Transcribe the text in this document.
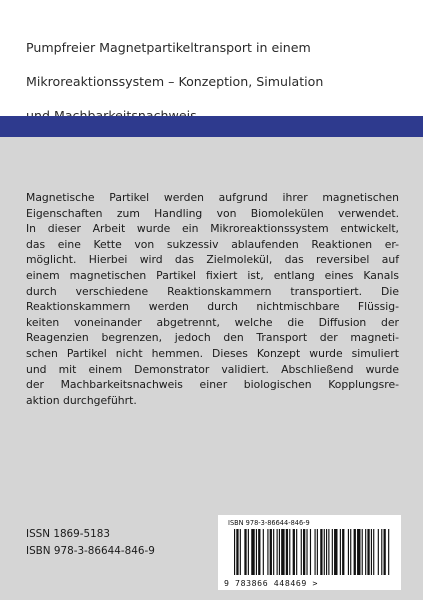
Pumpfreier Magnetpartikeltransport in einem

Mikroreaktionssystem – Konzeption, Simulation

Magnetische Partikel werden aufgrund ihrer magnetischen
Eigenschaften zum Handling von Biomolekülen verwendet.
In dieser Arbeit wurde ein Mikroreaktionssystem entwickelt,
das eine Kette von sukzessiv ablaufenden Reaktionen er-
möglicht. Hierbei wird das Zielmolekül, das reversibel auf
einem magnetischen Partikel fixiert ist, entlang eines Kanals
durch verschiedene Reaktionskammern transportiert. Die
Reaktionskammern werden durch nichtmischbare Flüssig-
keiten voneinander abgetrennt, welche die Diffusion der
Reagenzien begrenzen, jedoch den Transport der magneti-
schen Partikel nicht hemmen. Dieses Konzept wurde simuliert
und mit einem Demonstrator validiert. Abschließend wurde
der Machbarkeitsnachweis einer biologischen Kopplungsre-
aktion durchgeführt.
ISSN 1869-5183
ISBN 978-3-86644-846-9
ISBN 978-3-86644-846-9
9 783866 448469 >
